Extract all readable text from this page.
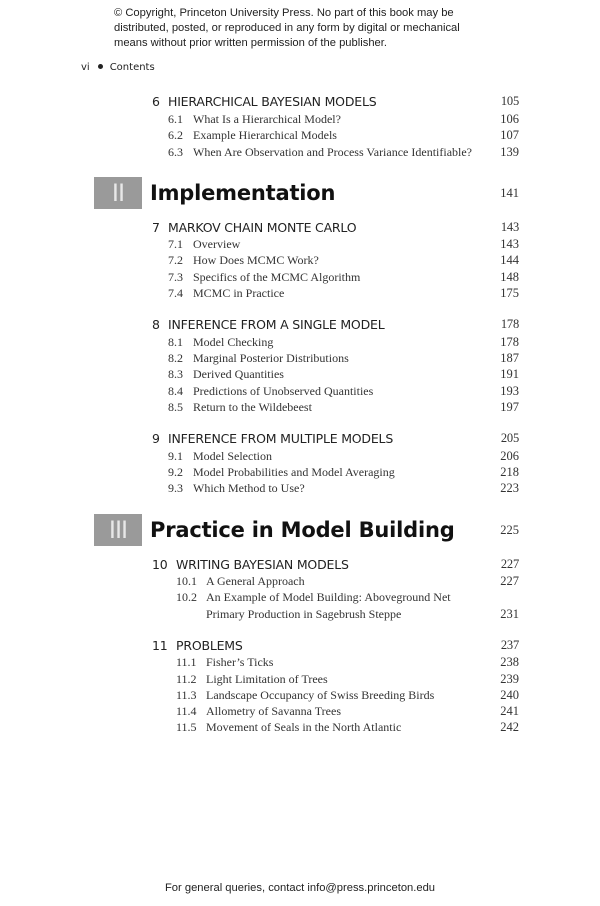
© Copyright, Princeton University Press. No part of this book may be
distributed, posted, or reproduced in any form by digital or mechanical
means without prior written permission of the publisher.
vi Contents
6 HIERARCHICAL BAYESIAN MODELS	105
6.1 What Is a Hierarchical Model?	106
6.2 Example Hierarchical Models	107
6.3 When Are Observation and Process Variance Identifiable? 139
II	Implementation	141
7 MARKOV CHAIN MONTE CARLO	143
7.1 Overview	143
7.2 How Does MCMC Work?	144
7.3 Specifics of the MCMC Algorithm	148
7.4 MCMC in Practice	175
8 INFERENCE FROM A SINGLE MODEL	178
8.1 Model Checking	178
8.2 Marginal Posterior Distributions	187
8.3 Derived Quantities	191
8.4 Predictions of Unobserved Quantities	193
8.5 Return to the Wildebeest	197
9 INFERENCE FROM MULTIPLE MODELS	205
9.1 Model Selection	206
9.2 Model Probabilities and Model Averaging	218
9.3 Which Method to Use?	223
III	Practice in Model Building	225
10 WRITING BAYESIAN MODELS	227
10.1 A General Approach	227
10.2 An Example of Model Building: Aboveground Net
Primary Production in Sagebrush Steppe	231
11 PROBLEMS	237
11.1 Fisher’s Ticks	238
11.2 Light Limitation of Trees	239
11.3 Landscape Occupancy of Swiss Breeding Birds	240
11.4 Allometry of Savanna Trees	241
11.5 Movement of Seals in the North Atlantic	242
For general queries, contact info@press.princeton.edu
